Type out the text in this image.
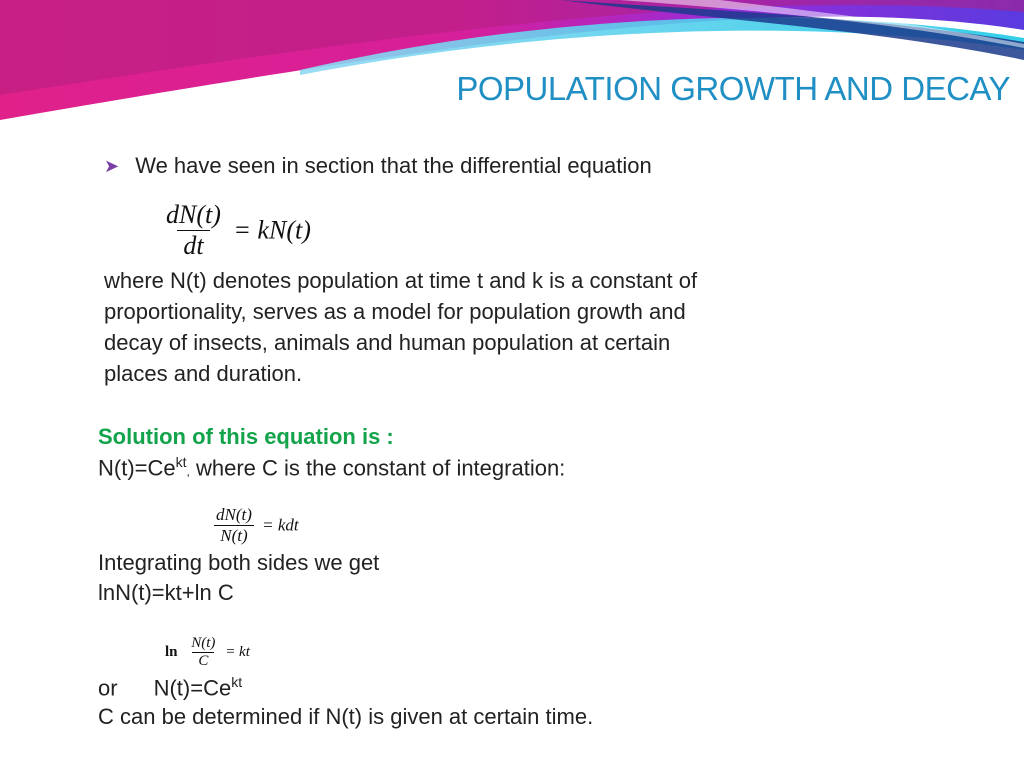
POPULATION GROWTH AND DECAY
➤ We have seen in section that the differential equation
$\frac{dN(t)}{dt} = kN(t)$
where N(t) denotes population at time t and k is a constant of proportionality, serves as a model for population growth and decay of insects, animals and human population at certain places and duration.
Solution of this equation is :
$N(t)=Ce^{kt}$, where C is the constant of integration:
$\frac{dN(t)}{N(t)}$ = kdt
Integrating both sides we get
lnN(t)=kt+ln C
$\ln \frac{N(t)}{C}$ = kt
or $N(t)=Ce^{kt}$
C can be determined if N(t) is given at certain time.
